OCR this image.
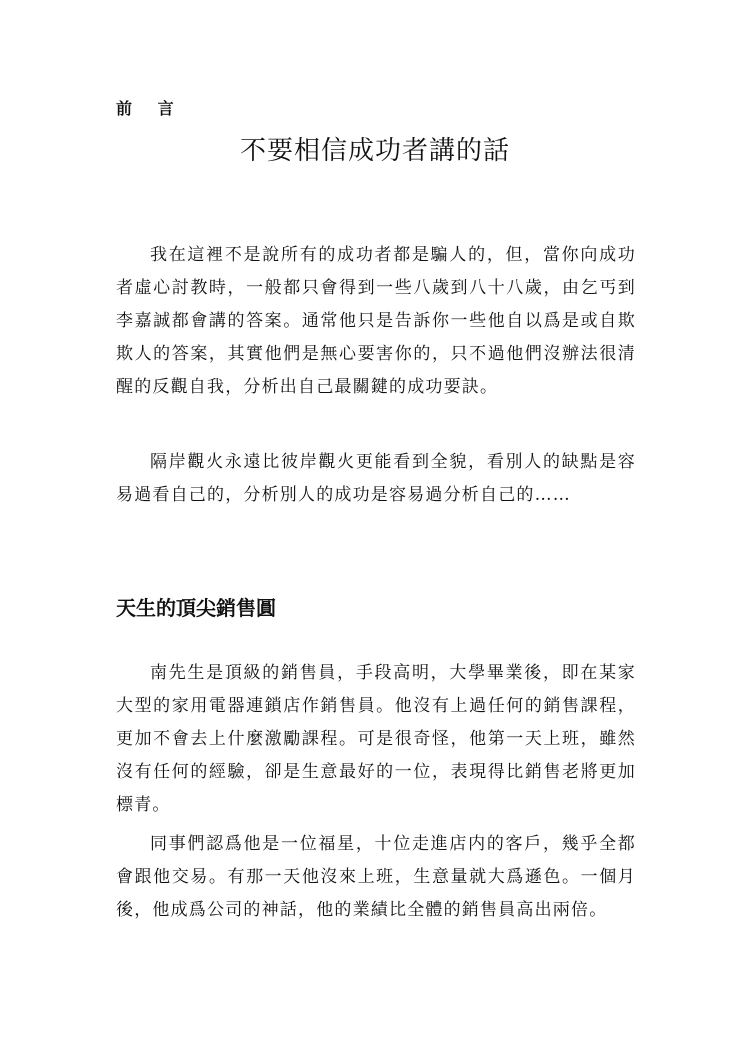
前 言
不要相信成功者講的話

我在這裡不是說所有的成功者都是騙人的，但，當你向成功者虛心討教時，一般都只會得到一些八歲到八十八歲，由乞丐到李嘉誠都會講的答案。通常他只是告訴你一些他自以爲是或自欺欺人的答案，其實他們是無心要害你的，只不過他們沒辦法很清醒的反觀自我，分析出自己最關鍵的成功要訣。

隔岸觀火永遠比彼岸觀火更能看到全貌，看別人的缺點是容易過看自己的，分析別人的成功是容易過分析自己的……

天生的頂尖銷售圓

南先生是頂級的銷售員，手段高明，大學畢業後，即在某家大型的家用電器連鎖店作銷售員。他沒有上過任何的銷售課程，更加不會去上什麼激勵課程。可是很奇怪，他第一天上班，雖然沒有任何的經驗，卻是生意最好的一位，表現得比銷售老將更加標青。

同事們認爲他是一位福星，十位走進店内的客戶，幾乎全都會跟他交易。有那一天他沒來上班，生意量就大爲遜色。一個月後，他成爲公司的神話，他的業績比全體的銷售員高出兩倍。
